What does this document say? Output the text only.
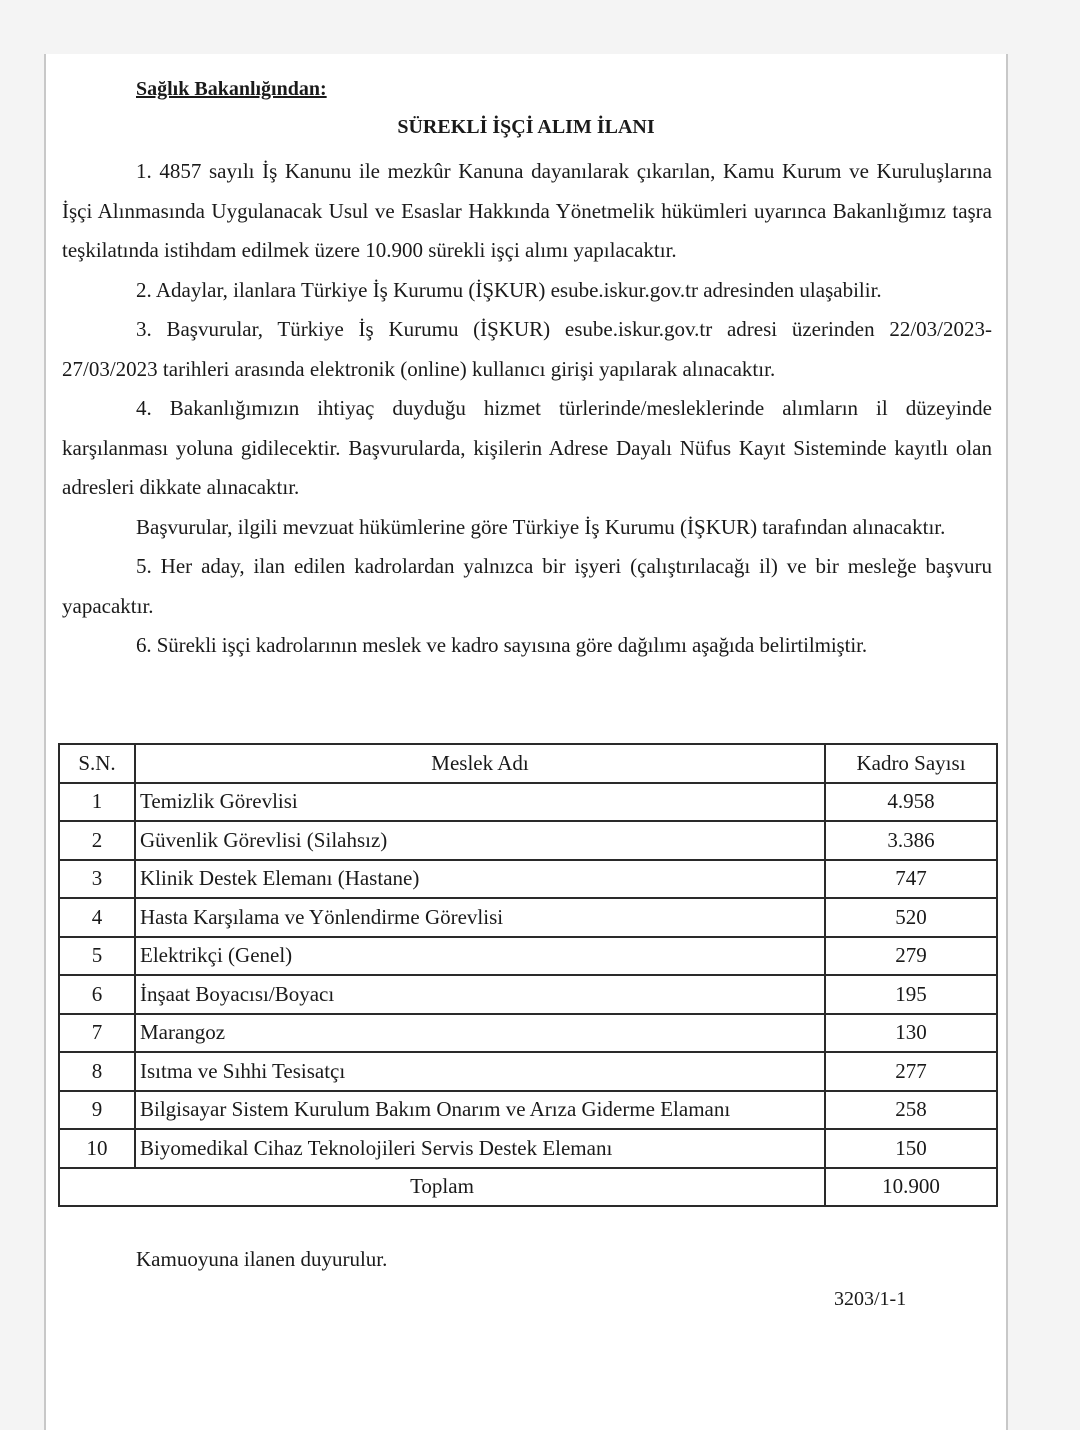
Sağlık Bakanlığından:

SÜREKLİ İŞÇİ ALIM İLANI

1. 4857 sayılı İş Kanunu ile mezkûr Kanuna dayanılarak çıkarılan, Kamu Kurum ve Kuruluşlarına İşçi Alınmasında Uygulanacak Usul ve Esaslar Hakkında Yönetmelik hükümleri uyarınca Bakanlığımız taşra teşkilatında istihdam edilmek üzere 10.900 sürekli işçi alımı yapılacaktır.

2. Adaylar, ilanlara Türkiye İş Kurumu (İŞKUR) esube.iskur.gov.tr adresinden ulaşabilir.

3. Başvurular, Türkiye İş Kurumu (İŞKUR) esube.iskur.gov.tr adresi üzerinden 22/03/2023-27/03/2023 tarihleri arasında elektronik (online) kullanıcı girişi yapılarak alınacaktır.

4. Bakanlığımızın ihtiyaç duyduğu hizmet türlerinde/mesleklerinde alımların il düzeyinde karşılanması yoluna gidilecektir. Başvurularda, kişilerin Adrese Dayalı Nüfus Kayıt Sisteminde kayıtlı olan adresleri dikkate alınacaktır.

Başvurular, ilgili mevzuat hükümlerine göre Türkiye İş Kurumu (İŞKUR) tarafından alınacaktır.

5. Her aday, ilan edilen kadrolardan yalnızca bir işyeri (çalıştırılacağı il) ve bir mesleğe başvuru yapacaktır.

6. Sürekli işçi kadrolarının meslek ve kadro sayısına göre dağılımı aşağıda belirtilmiştir.

S.N.	Meslek Adı	Kadro Sayısı
1	Temizlik Görevlisi	4.958
2	Güvenlik Görevlisi (Silahsız)	3.386
3	Klinik Destek Elemanı (Hastane)	747
4	Hasta Karşılama ve Yönlendirme Görevlisi	520
5	Elektrikçi (Genel)	279
6	İnşaat Boyacısı/Boyacı	195
7	Marangoz	130
8	Isıtma ve Sıhhi Tesisatçı	277
9	Bilgisayar Sistem Kurulum Bakım Onarım ve Arıza Giderme Elamanı	258
10	Biyomedikal Cihaz Teknolojileri Servis Destek Elemanı	150
Toplam		10.900

Kamuoyuna ilanen duyurulur.

3203/1-1
